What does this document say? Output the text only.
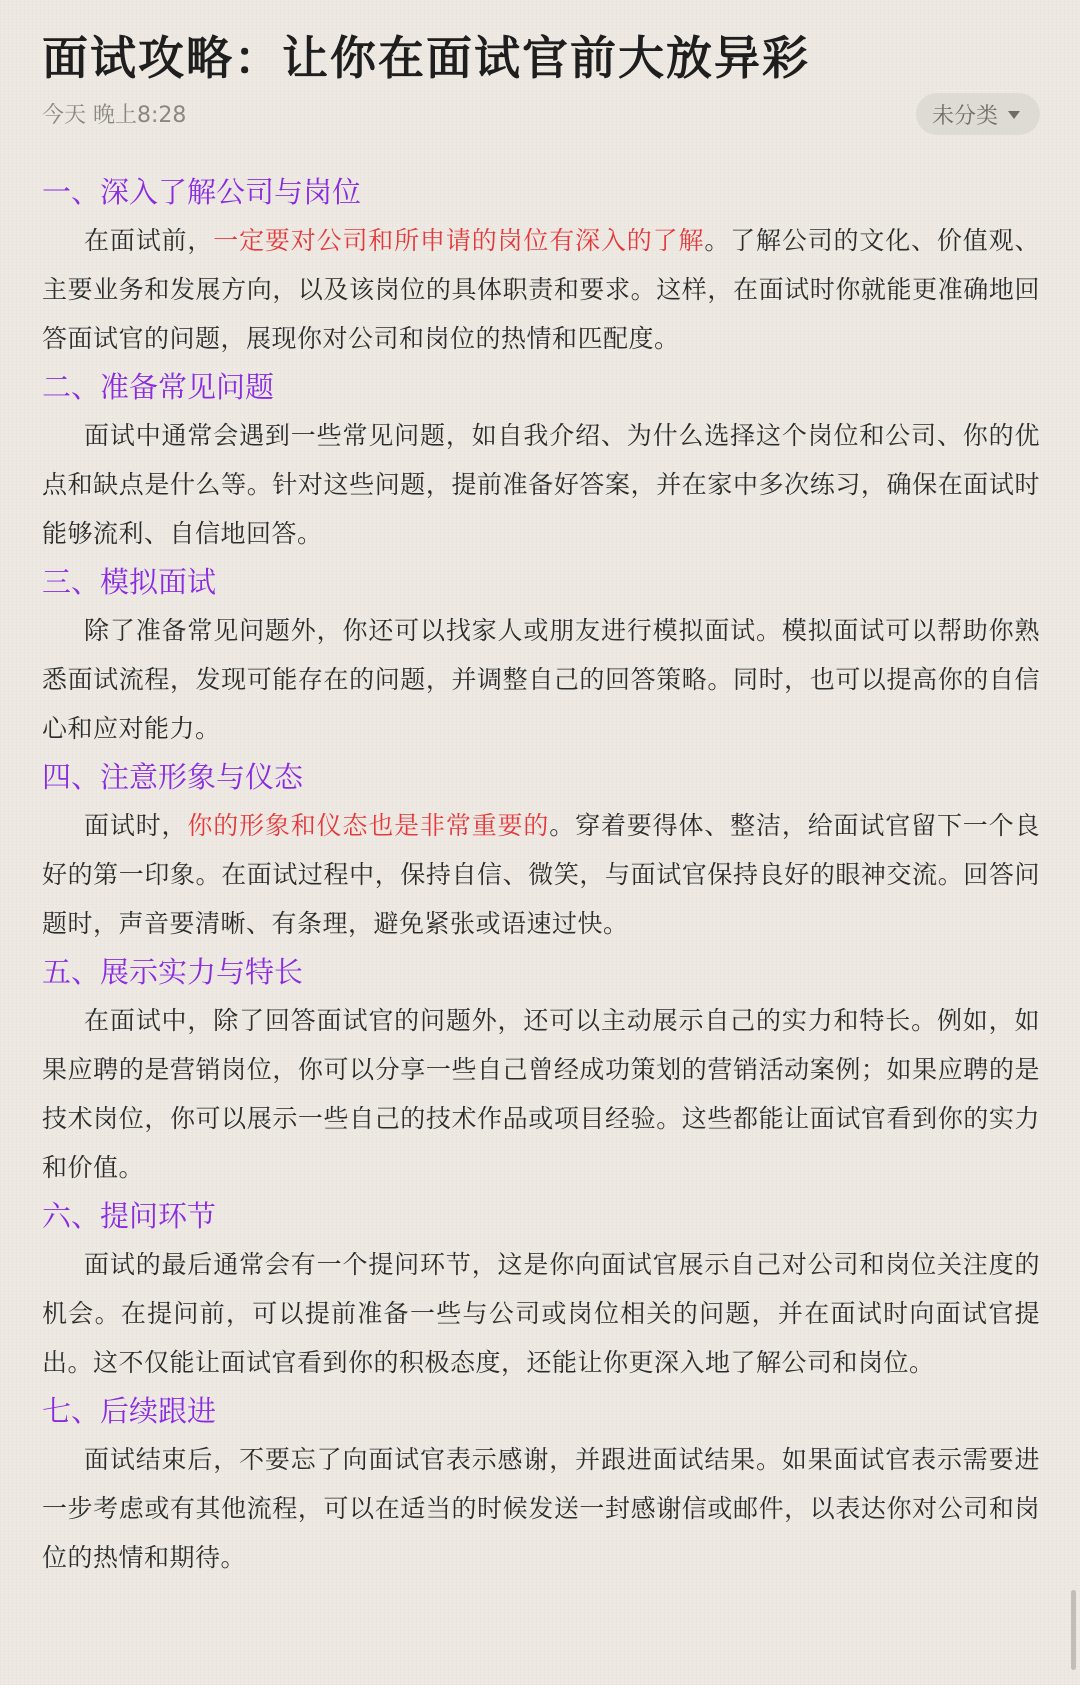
面试攻略：让你在面试官前大放异彩
今天 晚上8:28	未分类
一、深入了解公司与岗位

在面试前，一定要对公司和所申请的岗位有深入的了解。了解公司的文化、价值观、主要业务和发展方向，以及该岗位的具体职责和要求。这样，在面试时你就能更准确地回答面试官的问题，展现你对公司和岗位的热情和匹配度。

二、准备常见问题

面试中通常会遇到一些常见问题，如自我介绍、为什么选择这个岗位和公司、你的优点和缺点是什么等。针对这些问题，提前准备好答案，并在家中多次练习，确保在面试时能够流利、自信地回答。

三、模拟面试

除了准备常见问题外，你还可以找家人或朋友进行模拟面试。模拟面试可以帮助你熟悉面试流程，发现可能存在的问题，并调整自己的回答策略。同时，也可以提高你的自信心和应对能力。

四、注意形象与仪态

面试时，你的形象和仪态也是非常重要的。穿着要得体、整洁，给面试官留下一个良好的第一印象。在面试过程中，保持自信、微笑，与面试官保持良好的眼神交流。回答问题时，声音要清晰、有条理，避免紧张或语速过快。

五、展示实力与特长

在面试中，除了回答面试官的问题外，还可以主动展示自己的实力和特长。例如，如果应聘的是营销岗位，你可以分享一些自己曾经成功策划的营销活动案例；如果应聘的是技术岗位，你可以展示一些自己的技术作品或项目经验。这些都能让面试官看到你的实力和价值。

六、提问环节

面试的最后通常会有一个提问环节，这是你向面试官展示自己对公司和岗位关注度的机会。在提问前，可以提前准备一些与公司或岗位相关的问题，并在面试时向面试官提出。这不仅能让面试官看到你的积极态度，还能让你更深入地了解公司和岗位。

七、后续跟进

面试结束后，不要忘了向面试官表示感谢，并跟进面试结果。如果面试官表示需要进一步考虑或有其他流程，可以在适当的时候发送一封感谢信或邮件，以表达你对公司和岗位的热情和期待。
